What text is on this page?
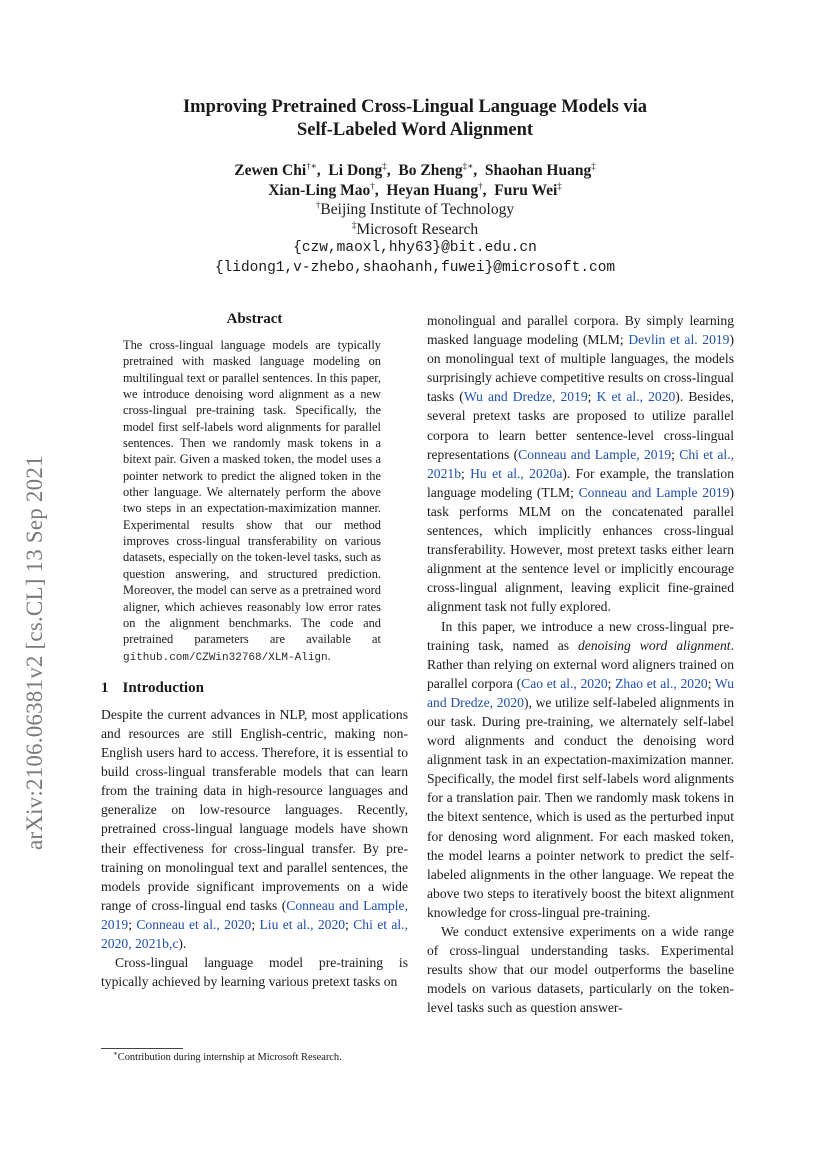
arXiv:2106.06381v2 [cs.CL] 13 Sep 2021
Improving Pretrained Cross-Lingual Language Models via
Self-Labeled Word Alignment
Zewen Chi†∗,  Li Dong‡,  Bo Zheng‡∗,  Shaohan Huang‡
Xian-Ling Mao†,  Heyan Huang†,  Furu Wei‡
†Beijing Institute of Technology
‡Microsoft Research
{czw,maoxl,hhy63}@bit.edu.cn
{lidong1,v-zhebo,shaohanh,fuwei}@microsoft.com
Abstract
The cross-lingual language models are typically pretrained with masked language modeling on multilingual text or parallel sentences. In this paper, we introduce denoising word alignment as a new cross-lingual pre-training task. Specifically, the model first self-labels word alignments for parallel sentences. Then we randomly mask tokens in a bitext pair. Given a masked token, the model uses a pointer network to predict the aligned token in the other language. We alternately perform the above two steps in an expectation-maximization manner. Experimental results show that our method improves cross-lingual transferability on various datasets, especially on the token-level tasks, such as question answering, and structured prediction. Moreover, the model can serve as a pretrained word aligner, which achieves reasonably low error rates on the alignment benchmarks. The code and pretrained parameters are available at github.com/CZWin32768/XLM-Align.
1 Introduction

Despite the current advances in NLP, most applications and resources are still English-centric, making non-English users hard to access. Therefore, it is essential to build cross-lingual transferable models that can learn from the training data in high-resource languages and generalize on low-resource languages. Recently, pretrained cross-lingual language models have shown their effectiveness for cross-lingual transfer. By pre-training on monolingual text and parallel sentences, the models provide significant improvements on a wide range of cross-lingual end tasks (Conneau and Lample, 2019; Conneau et al., 2020; Liu et al., 2020; Chi et al., 2020, 2021b,c).

Cross-lingual language model pre-training is typically achieved by learning various pretext tasks on

monolingual and parallel corpora. By simply learning masked language modeling (MLM; Devlin et al. 2019) on monolingual text of multiple languages, the models surprisingly achieve competitive results on cross-lingual tasks (Wu and Dredze, 2019; K et al., 2020). Besides, several pretext tasks are proposed to utilize parallel corpora to learn better sentence-level cross-lingual representations (Conneau and Lample, 2019; Chi et al., 2021b; Hu et al., 2020a). For example, the translation language modeling (TLM; Conneau and Lample 2019) task performs MLM on the concatenated parallel sentences, which implicitly enhances cross-lingual transferability. However, most pretext tasks either learn alignment at the sentence level or implicitly encourage cross-lingual alignment, leaving explicit fine-grained alignment task not fully explored.

In this paper, we introduce a new cross-lingual pre-training task, named as denoising word alignment. Rather than relying on external word aligners trained on parallel corpora (Cao et al., 2020; Zhao et al., 2020; Wu and Dredze, 2020), we utilize self-labeled alignments in our task. During pre-training, we alternately self-label word alignments and conduct the denoising word alignment task in an expectation-maximization manner. Specifically, the model first self-labels word alignments for a translation pair. Then we randomly mask tokens in the bitext sentence, which is used as the perturbed input for denosing word alignment. For each masked token, the model learns a pointer network to predict the self-labeled alignments in the other language. We repeat the above two steps to iteratively boost the bitext alignment knowledge for cross-lingual pre-training.

We conduct extensive experiments on a wide range of cross-lingual understanding tasks. Experimental results show that our model outperforms the baseline models on various datasets, particularly on the token-level tasks such as question answer-

∗Contribution during internship at Microsoft Research.
